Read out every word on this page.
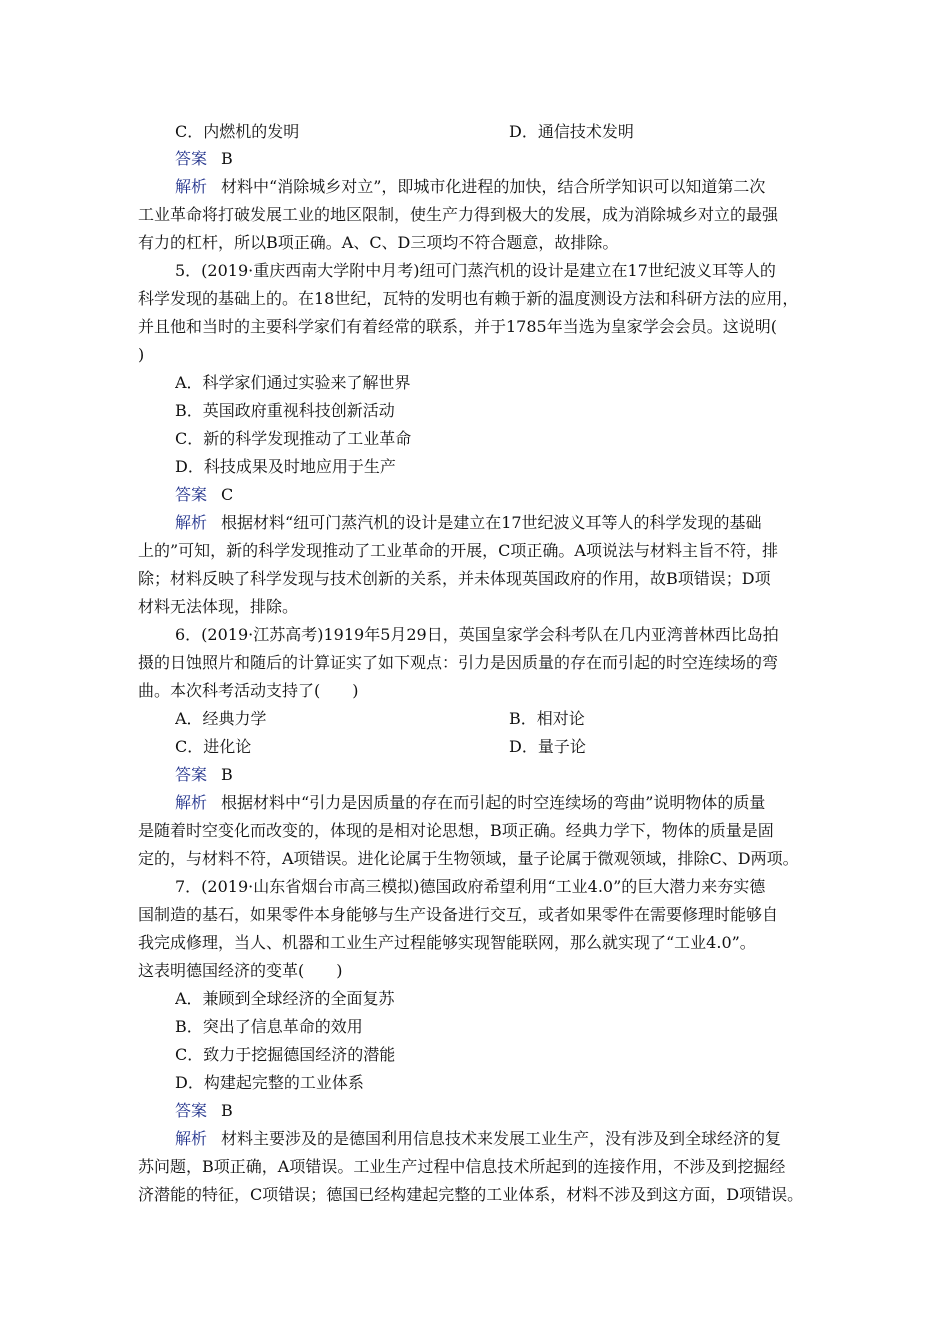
C．内燃机的发明	D．通信技术发明
答案 B
解析 材料中“消除城乡对立”，即城市化进程的加快，结合所学知识可以知道第二次
工业革命将打破发展工业的地区限制，使生产力得到极大的发展，成为消除城乡对立的最强
有力的杠杆，所以B项正确。A、C、D三项均不符合题意，故排除。
5．(2019·重庆西南大学附中月考)纽可门蒸汽机的设计是建立在17世纪波义耳等人的
科学发现的基础上的。在18世纪，瓦特的发明也有赖于新的温度测设方法和科研方法的应用，
并且他和当时的主要科学家们有着经常的联系，并于1785年当选为皇家学会会员。这说明(
)
A．科学家们通过实验来了解世界
B．英国政府重视科技创新活动
C．新的科学发现推动了工业革命
D．科技成果及时地应用于生产
答案 C
解析 根据材料“纽可门蒸汽机的设计是建立在17世纪波义耳等人的科学发现的基础
上的”可知，新的科学发现推动了工业革命的开展，C项正确。A项说法与材料主旨不符，排
除；材料反映了科学发现与技术创新的关系，并未体现英国政府的作用，故B项错误；D项
材料无法体现，排除。
6．(2019·江苏高考)1919年5月29日，英国皇家学会科考队在几内亚湾普林西比岛拍
摄的日蚀照片和随后的计算证实了如下观点：引力是因质量的存在而引起的时空连续场的弯
曲。本次科考活动支持了(　　)
A．经典力学	B．相对论
C．进化论	D．量子论
答案 B
解析 根据材料中“引力是因质量的存在而引起的时空连续场的弯曲”说明物体的质量
是随着时空变化而改变的，体现的是相对论思想，B项正确。经典力学下，物体的质量是固
定的，与材料不符，A项错误。进化论属于生物领域，量子论属于微观领域，排除C、D两项。
7．(2019·山东省烟台市高三模拟)德国政府希望利用“工业4.0”的巨大潜力来夯实德
国制造的基石，如果零件本身能够与生产设备进行交互，或者如果零件在需要修理时能够自
我完成修理，当人、机器和工业生产过程能够实现智能联网，那么就实现了“工业4.0”。
这表明德国经济的变革(　　)
A．兼顾到全球经济的全面复苏
B．突出了信息革命的效用
C．致力于挖掘德国经济的潜能
D．构建起完整的工业体系
答案 B
解析 材料主要涉及的是德国利用信息技术来发展工业生产，没有涉及到全球经济的复
苏问题，B项正确，A项错误。工业生产过程中信息技术所起到的连接作用，不涉及到挖掘经
济潜能的特征，C项错误；德国已经构建起完整的工业体系，材料不涉及到这方面，D项错误。
